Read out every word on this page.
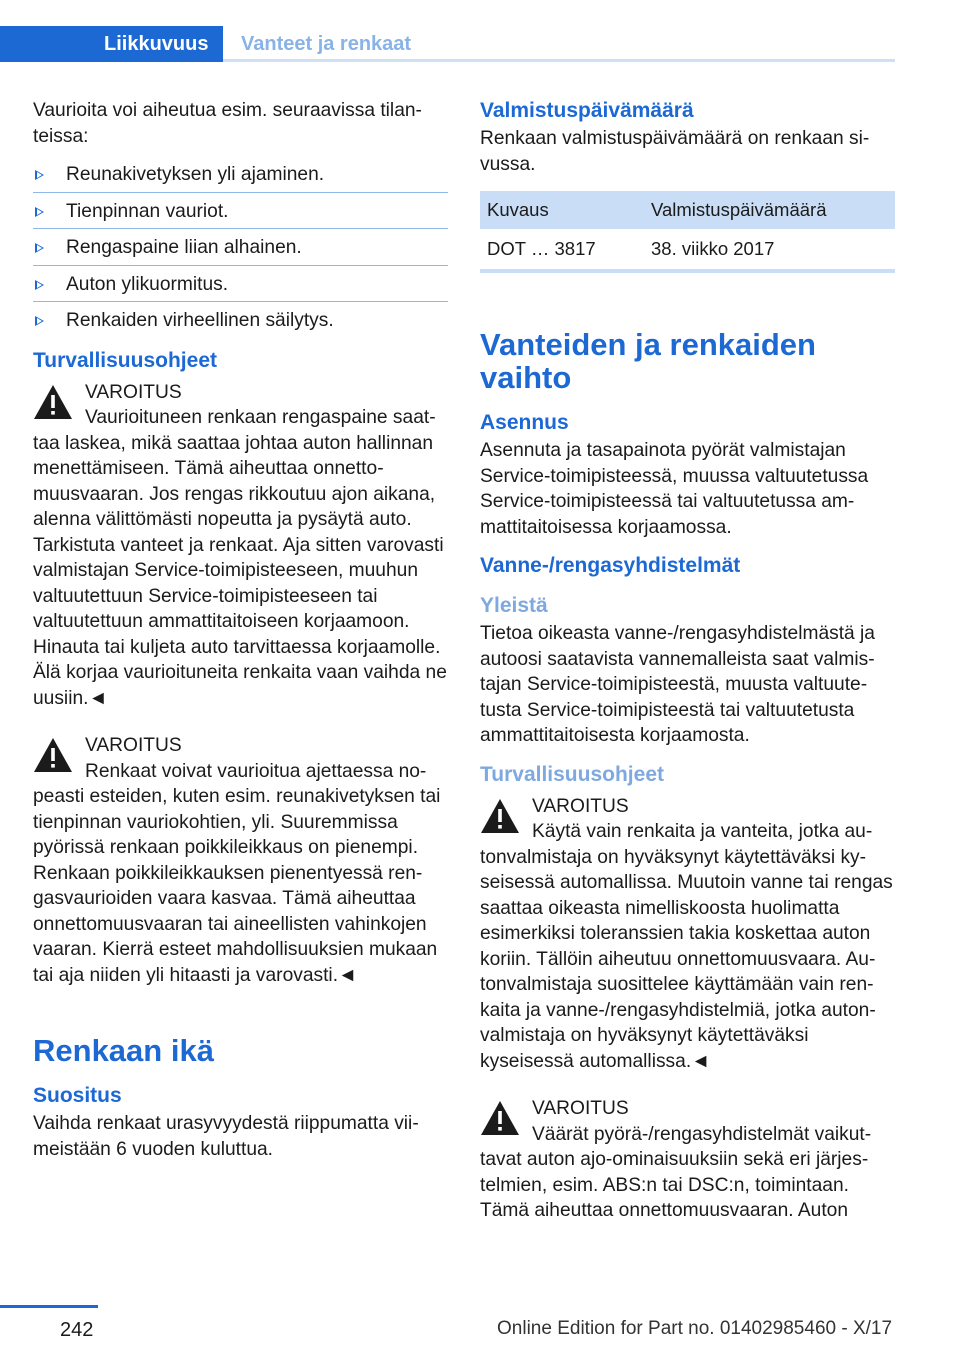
Liikkuvuus	Vanteet ja renkaat

Vaurioita voi aiheutua esim. seuraavissa tilanteissa:

Reunakivetyksen yli ajaminen.
Tienpinnan vauriot.
Rengaspaine liian alhainen.
Auton ylikuormitus.
Renkaiden virheellinen säilytys.
Turvallisuusohjeet

VAROITUS

Vaurioituneen renkaan rengaspaine saattaa laskea, mikä saattaa johtaa auton hallinnan menettämiseen. Tämä aiheuttaa onnettomuusvaaran. Jos rengas rikkoutuu ajon aikana, alenna välittömästi nopeutta ja pysäytä auto. Tarkistuta vanteet ja renkaat. Aja sitten varovasti valmistajan Service-toimipisteeseen, muuhun valtuutettuun Service-toimipisteeseen tai valtuutettuun ammattitaitoiseen korjaamoon. Hinauta tai kuljeta auto tarvittaessa korjaamolle. Älä korjaa vaurioituneita renkaita vaan vaihda ne uusiin.◄

VAROITUS

Renkaat voivat vaurioitua ajettaessa nopeasti esteiden, kuten esim. reunakivetyksen tai tienpinnan vauriokohtien, yli. Suuremmissa pyörissä renkaan poikkileikkaus on pienempi. Renkaan poikkileikkauksen pienentyessä rengasvaurioiden vaara kasvaa. Tämä aiheuttaa onnettomuusvaaran tai aineellisten vahinkojen vaaran. Kierrä esteet mahdollisuuksien mukaan tai aja niiden yli hitaasti ja varovasti.◄

Renkaan ikä
Suositus

Vaihda renkaat urasyvyydestä riippumatta viimeistään 6 vuoden kuluttua.

Valmistuspäivämäärä

Renkaan valmistuspäivämäärä on renkaan sivussa.

Kuvaus	Valmistuspäivämäärä
DOT … 3817	38. viikko 2017
Vanteiden ja renkaiden vaihto
Asennus

Asennuta ja tasapainota pyörät valmistajan Service-toimipisteessä, muussa valtuutetussa Service-toimipisteessä tai valtuutetussa ammattitaitoisessa korjaamossa.

Vanne-/rengasyhdistelmät
Yleistä

Tietoa oikeasta vanne-/rengasyhdistelmästä ja autoosi saatavista vannemalleista saat valmistajan Service-toimipisteestä, muusta valtuutetusta Service-toimipisteestä tai valtuutetusta ammattitaitoisesta korjaamosta.

Turvallisuusohjeet

VAROITUS

Käytä vain renkaita ja vanteita, jotka autonvalmistaja on hyväksynyt käytettäväksi kyseisessä automallissa. Muutoin vanne tai rengas saattaa oikeasta nimelliskoosta huolimatta esimerkiksi toleranssien takia koskettaa auton koriin. Tällöin aiheutuu onnettomuusvaara. Autonvalmistaja suosittelee käyttämään vain renkaita ja vanne-/rengasyhdistelmiä, jotka autonvalmistaja on hyväksynyt käytettäväksi kyseisessä automallissa.◄

VAROITUS

Väärät pyörä-/rengasyhdistelmät vaikuttavat auton ajo-ominaisuuksiin sekä eri järjestelmien, esim. ABS:n tai DSC:n, toimintaan. Tämä aiheuttaa onnettomuusvaaran. Auton

242	Online Edition for Part no. 01402985460 - X/17
